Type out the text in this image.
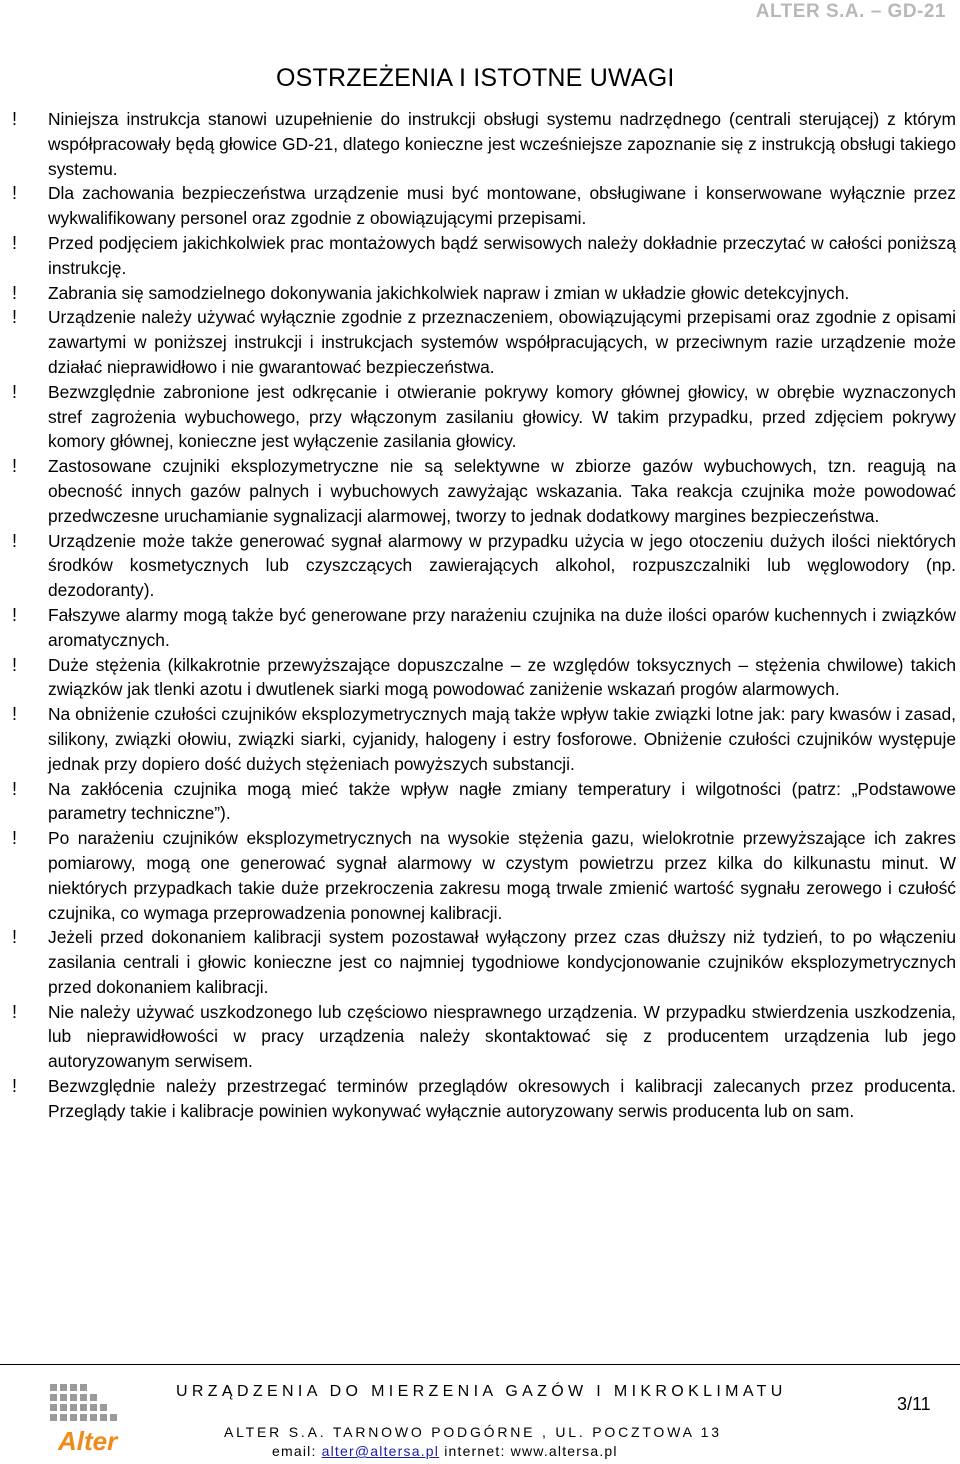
ALTER S.A. – GD-21
OSTRZEŻENIA I ISTOTNE UWAGI
! Niniejsza instrukcja stanowi uzupełnienie do instrukcji obsługi systemu nadrzędnego (centrali sterującej) z którym współpracowały będą głowice GD-21, dlatego konieczne jest wcześniejsze zapoznanie się z instrukcją obsługi takiego systemu.
! Dla zachowania bezpieczeństwa urządzenie musi być montowane, obsługiwane i konserwowane wyłącznie przez wykwalifikowany personel oraz zgodnie z obowiązującymi przepisami.
! Przed podjęciem jakichkolwiek prac montażowych bądź serwisowych należy dokładnie przeczytać w całości poniższą instrukcję.
! Zabrania się samodzielnego dokonywania jakichkolwiek napraw i zmian w układzie głowic detekcyjnych.
! Urządzenie należy używać wyłącznie zgodnie z przeznaczeniem, obowiązującymi przepisami oraz zgodnie z opisami zawartymi w poniższej instrukcji i instrukcjach systemów współpracujących, w przeciwnym razie urządzenie może działać nieprawidłowo i nie gwarantować bezpieczeństwa.
! Bezwzględnie zabronione jest odkręcanie i otwieranie pokrywy komory głównej głowicy, w obrębie wyznaczonych stref zagrożenia wybuchowego, przy włączonym zasilaniu głowicy. W takim przypadku, przed zdjęciem pokrywy komory głównej, konieczne jest wyłączenie zasilania głowicy.
! Zastosowane czujniki eksplozymetryczne nie są selektywne w zbiorze gazów wybuchowych, tzn. reagują na obecność innych gazów palnych i wybuchowych zawyżając wskazania. Taka reakcja czujnika może powodować przedwczesne uruchamianie sygnalizacji alarmowej, tworzy to jednak dodatkowy margines bezpieczeństwa.
! Urządzenie może także generować sygnał alarmowy w przypadku użycia w jego otoczeniu dużych ilości niektórych środków kosmetycznych lub czyszczących zawierających alkohol, rozpuszczalniki lub węglowodory (np. dezodoranty).
! Fałszywe alarmy mogą także być generowane przy narażeniu czujnika na duże ilości oparów kuchennych i związków aromatycznych.
! Duże stężenia (kilkakrotnie przewyższające dopuszczalne – ze względów toksycznych – stężenia chwilowe) takich związków jak tlenki azotu i dwutlenek siarki mogą powodować zaniżenie wskazań progów alarmowych.
! Na obniżenie czułości czujników eksplozymetrycznych mają także wpływ takie związki lotne jak: pary kwasów i zasad, silikony, związki ołowiu, związki siarki, cyjanidy, halogeny i estry fosforowe. Obniżenie czułości czujników występuje jednak przy dopiero dość dużych stężeniach powyższych substancji.
! Na zakłócenia czujnika mogą mieć także wpływ nagłe zmiany temperatury i wilgotności (patrz: „Podstawowe parametry techniczne”).
! Po narażeniu czujników eksplozymetrycznych na wysokie stężenia gazu, wielokrotnie przewyższające ich zakres pomiarowy, mogą one generować sygnał alarmowy w czystym powietrzu przez kilka do kilkunastu minut. W niektórych przypadkach takie duże przekroczenia zakresu mogą trwale zmienić wartość sygnału zerowego i czułość czujnika, co wymaga przeprowadzenia ponownej kalibracji.
! Jeżeli przed dokonaniem kalibracji system pozostawał wyłączony przez czas dłuższy niż tydzień, to po włączeniu zasilania centrali i głowic konieczne jest co najmniej tygodniowe kondycjonowanie czujników eksplozymetrycznych przed dokonaniem kalibracji.
! Nie należy używać uszkodzonego lub częściowo niesprawnego urządzenia. W przypadku stwierdzenia uszkodzenia, lub nieprawidłowości w pracy urządzenia należy skontaktować się z producentem urządzenia lub jego autoryzowanym serwisem.
! Bezwzględnie należy przestrzegać terminów przeglądów okresowych i kalibracji zalecanych przez producenta. Przeglądy takie i kalibracje powinien wykonywać wyłącznie autoryzowany serwis producenta lub on sam.
Alter
URZĄDZENIA DO MIERZENIA GAZÓW I MIKROKLIMATU
ALTER S.A. TARNOWO PODGÓRNE , UL. POCZTOWA 13
email: alter@altersa.pl internet: www.altersa.pl
3/11
